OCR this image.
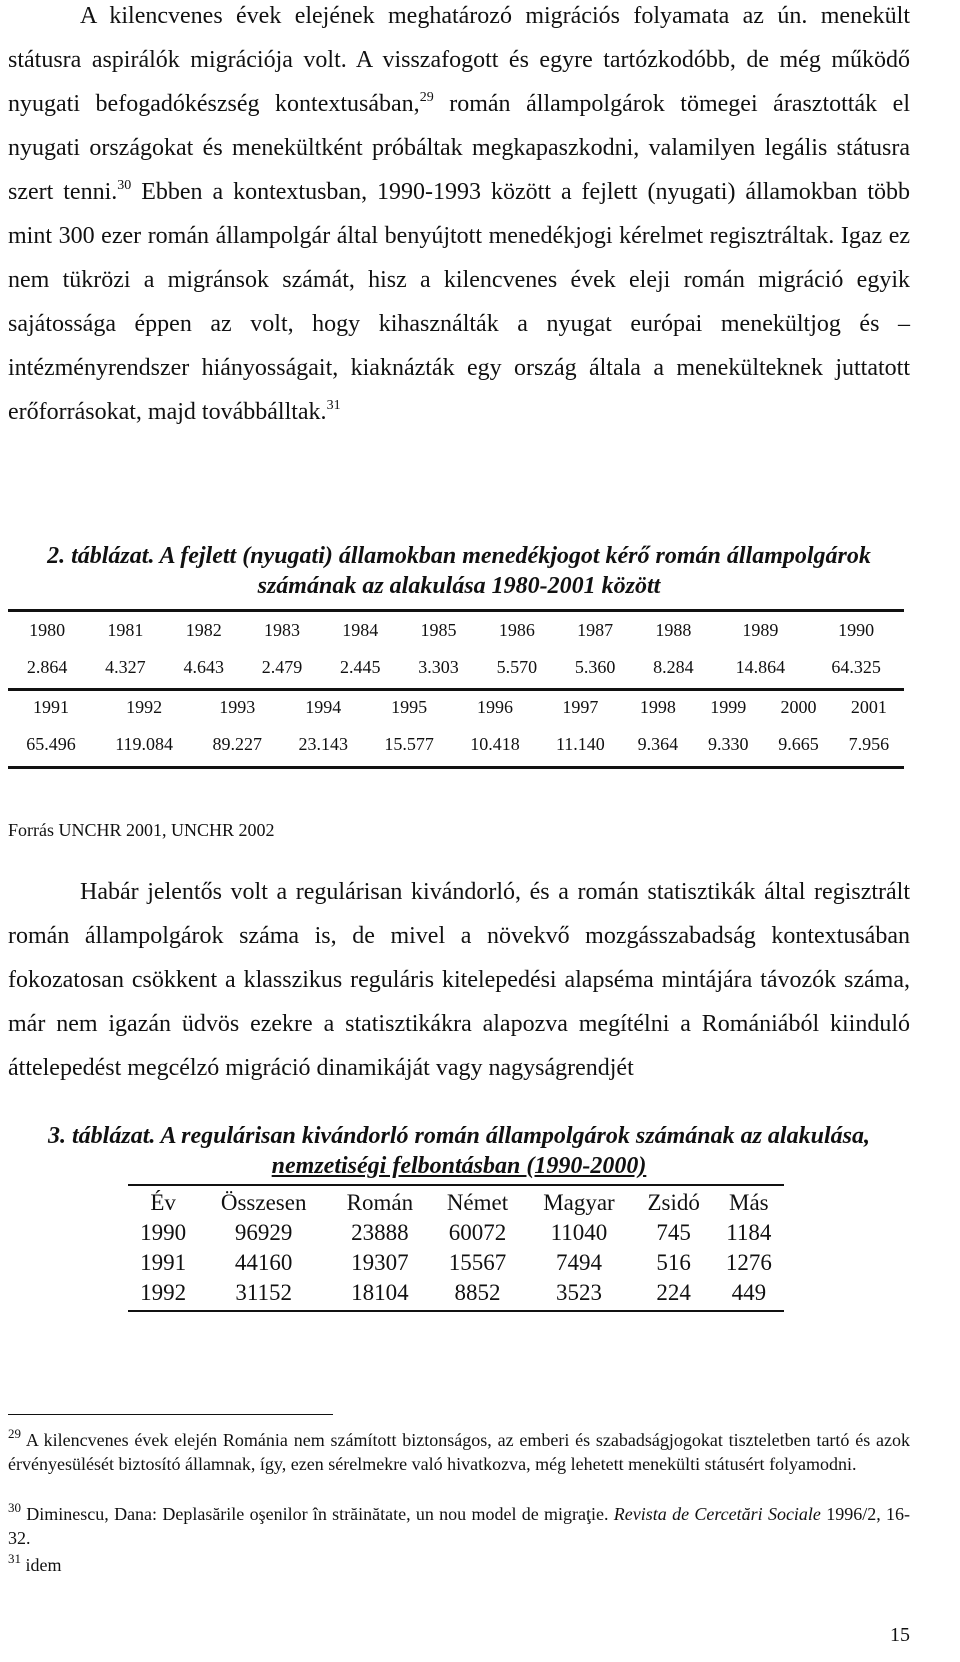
A kilencvenes évek elejének meghatározó migrációs folyamata az ún. menekült státusra aspirálók migrációja volt. A visszafogott és egyre tartózkodóbb, de még működő nyugati befogadókészség kontextusában,$^{29}$ román állampolgárok tömegei árasztották el nyugati országokat és menekültként próbáltak megkapaszkodni, valamilyen legális státusra szert tenni.$^{30}$ Ebben a kontextusban, 1990-1993 között a fejlett (nyugati) államokban több mint 300 ezer román állampolgár által benyújtott menedékjogi kérelmet regisztráltak. Igaz ez nem tükrözi a migránsok számát, hisz a kilencvenes évek eleji román migráció egyik sajátossága éppen az volt, hogy kihasználták a nyugat európai menekültjog és – intézményrendszer hiányosságait, kiaknázták egy ország általa a menekülteknek juttatott erőforrásokat, majd továbbálltak.$^{31}$

2. táblázat. A fejlett (nyugati) államokban menedékjogot kérő román állampolgárok számának az alakulása 1980-2001 között

1980	1981	1982	1983	1984	1985	1986	1987	1988	1989	1990
2.864	4.327	4.643	2.479	2.445	3.303	5.570	5.360	8.284	14.864	64.325
1991	1992	1993	1994	1995	1996	1997	1998	1999	2000	2001
65.496	119.084	89.227	23.143	15.577	10.418	11.140	9.364	9.330	9.665	7.956
Forrás UNCHR 2001, UNCHR 2002

Habár jelentős volt a regulárisan kivándorló, és a román statisztikák által regisztrált román állampolgárok száma is, de mivel a növekvő mozgásszabadság kontextusában fokozatosan csökkent a klasszikus reguláris kitelepedési alapséma mintájára távozók száma, már nem igazán üdvös ezekre a statisztikákra alapozva megítélni a Romániából kiinduló áttelepedést megcélzó migráció dinamikáját vagy nagyságrendjét

3. táblázat. A regulárisan kivándorló román állampolgárok számának az alakulása,
nemzetiségi felbontásban (1990-2000)

Év	Összesen	Román	Német	Magyar	Zsidó	Más
1990	96929	23888	60072	11040	745	1184
1991	44160	19307	15567	7494	516	1276
1992	31152	18104	8852	3523	224	449

$^{29}$ A kilencvenes évek elején Románia nem számított biztonságos, az emberi és szabadságjogokat tiszteletben tartó és azok érvényesülését biztosító államnak, így, ezen sérelmekre való hivatkozva, még lehetett menekülti státusért folyamodni.

$^{30}$ Diminescu, Dana: Deplasările oşenilor în străinătate, un nou model de migraţie. Revista de Cercetări Sociale 1996/2, 16-32.

$^{31}$ idem

15
